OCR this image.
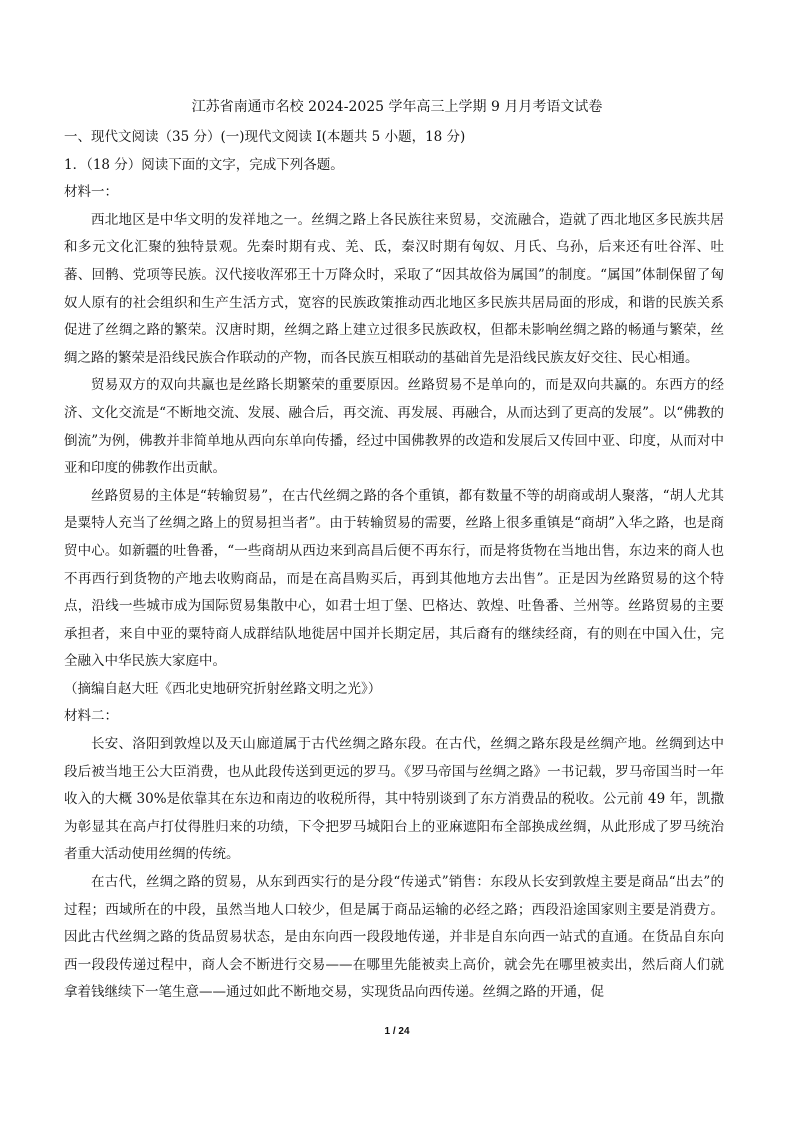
江苏省南通市名校 2024-2025 学年高三上学期 9 月月考语文试卷

一、现代文阅读（35 分）(一)现代文阅读 I(本题共 5 小题，18 分)

1．（18 分）阅读下面的文字，完成下列各题。

材料一：

西北地区是中华文明的发祥地之一。丝绸之路上各民族往来贸易，交流融合，造就了西北地区多民族共居和多元文化汇聚的独特景观。先秦时期有戎、羌、氐，秦汉时期有匈奴、月氏、乌孙，后来还有吐谷浑、吐蕃、回鹘、党项等民族。汉代接收浑邪王十万降众时，采取了“因其故俗为属国”的制度。“属国”体制保留了匈奴人原有的社会组织和生产生活方式，宽容的民族政策推动西北地区多民族共居局面的形成，和谐的民族关系促进了丝绸之路的繁荣。汉唐时期，丝绸之路上建立过很多民族政权，但都未影响丝绸之路的畅通与繁荣，丝绸之路的繁荣是沿线民族合作联动的产物，而各民族互相联动的基础首先是沿线民族友好交往、民心相通。

贸易双方的双向共赢也是丝路长期繁荣的重要原因。丝路贸易不是单向的，而是双向共赢的。东西方的经济、文化交流是“不断地交流、发展、融合后，再交流、再发展、再融合，从而达到了更高的发展”。以“佛教的倒流”为例，佛教并非简单地从西向东单向传播，经过中国佛教界的改造和发展后又传回中亚、印度，从而对中亚和印度的佛教作出贡献。

丝路贸易的主体是“转输贸易”，在古代丝绸之路的各个重镇，都有数量不等的胡商或胡人聚落，“胡人尤其是粟特人充当了丝绸之路上的贸易担当者”。由于转输贸易的需要，丝路上很多重镇是“商胡”入华之路，也是商贸中心。如新疆的吐鲁番，“一些商胡从西边来到高昌后便不再东行，而是将货物在当地出售，东边来的商人也不再西行到货物的产地去收购商品，而是在高昌购买后，再到其他地方去出售”。正是因为丝路贸易的这个特点，沿线一些城市成为国际贸易集散中心，如君士坦丁堡、巴格达、敦煌、吐鲁番、兰州等。丝路贸易的主要承担者，来自中亚的粟特商人成群结队地徙居中国并长期定居，其后裔有的继续经商，有的则在中国入仕，完全融入中华民族大家庭中。

（摘编自赵大旺《西北史地研究折射丝路文明之光》）

材料二：

长安、洛阳到敦煌以及天山廊道属于古代丝绸之路东段。在古代，丝绸之路东段是丝绸产地。丝绸到达中段后被当地王公大臣消费，也从此段传送到更远的罗马。《罗马帝国与丝绸之路》一书记载，罗马帝国当时一年收入的大概 30%是依靠其在东边和南边的收税所得，其中特别谈到了东方消费品的税收。公元前 49 年，凯撒为彰显其在高卢打仗得胜归来的功绩，下令把罗马城阳台上的亚麻遮阳布全部换成丝绸，从此形成了罗马统治者重大活动使用丝绸的传统。

在古代，丝绸之路的贸易，从东到西实行的是分段“传递式”销售：东段从长安到敦煌主要是商品“出去”的过程；西域所在的中段，虽然当地人口较少，但是属于商品运输的必经之路；西段沿途国家则主要是消费方。因此古代丝绸之路的货品贸易状态，是由东向西一段段地传递，并非是自东向西一站式的直通。在货品自东向西一段段传递过程中，商人会不断进行交易——在哪里先能被卖上高价，就会先在哪里被卖出，然后商人们就拿着钱继续下一笔生意——通过如此不断地交易，实现货品向西传递。丝绸之路的开通，促

1 / 24
